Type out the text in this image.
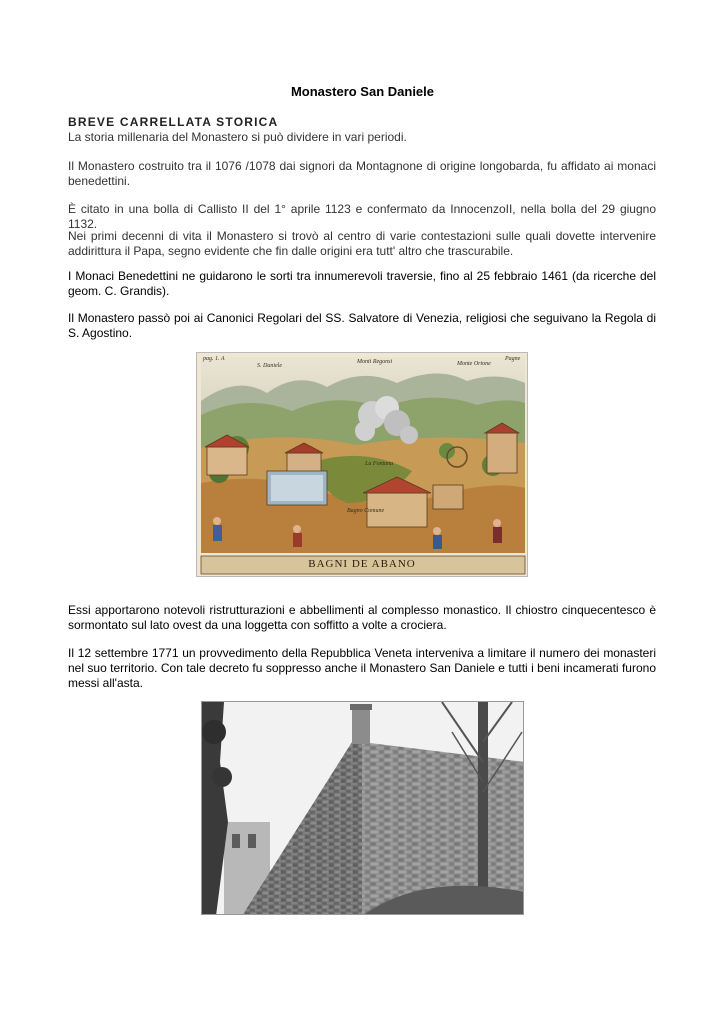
Monastero San Daniele
BREVE CARRELLATA STORICA
La storia millenaria del Monastero si può dividere in vari periodi.
Il Monastero costruito tra il 1076 /1078 dai signori da Montagnone di origine longobarda, fu affidato ai monaci benedettini.
È citato in una bolla di Callisto II del 1° aprile 1123 e confermato da InnocenzoII, nella bolla del 29 giugno 1132.
Nei primi decenni di vita il Monastero si trovò al centro di varie contestazioni sulle quali dovette intervenire addirittura il Papa, segno evidente che fin dalle origini era tutt' altro che trascurabile.
I Monaci Benedettini ne guidarono le sorti tra innumerevoli traversie, fino al 25 febbraio 1461 (da ricerche del geom. C. Grandis).
Il Monastero passò poi ai Canonici Regolari del SS. Salvatore di Venezia, religiosi che seguivano la Regola di S. Agostino.
pag. 1. A
S. Daniele
Monti Regonsi	Monte Ortone
Pagne
La Fontana
Bagno Comune
BAGNI DE ABANO
Essi apportarono notevoli ristrutturazioni e abbellimenti al complesso monastico. Il chiostro cinquecentesco è sormontato sul lato ovest da una loggetta con soffitto a volte a crociera.
Il 12 settembre 1771 un provvedimento della Repubblica Veneta interveniva a limitare il numero dei monasteri nel suo territorio. Con tale decreto fu soppresso anche il Monastero San Daniele e tutti i beni incamerati furono messi all'asta.
